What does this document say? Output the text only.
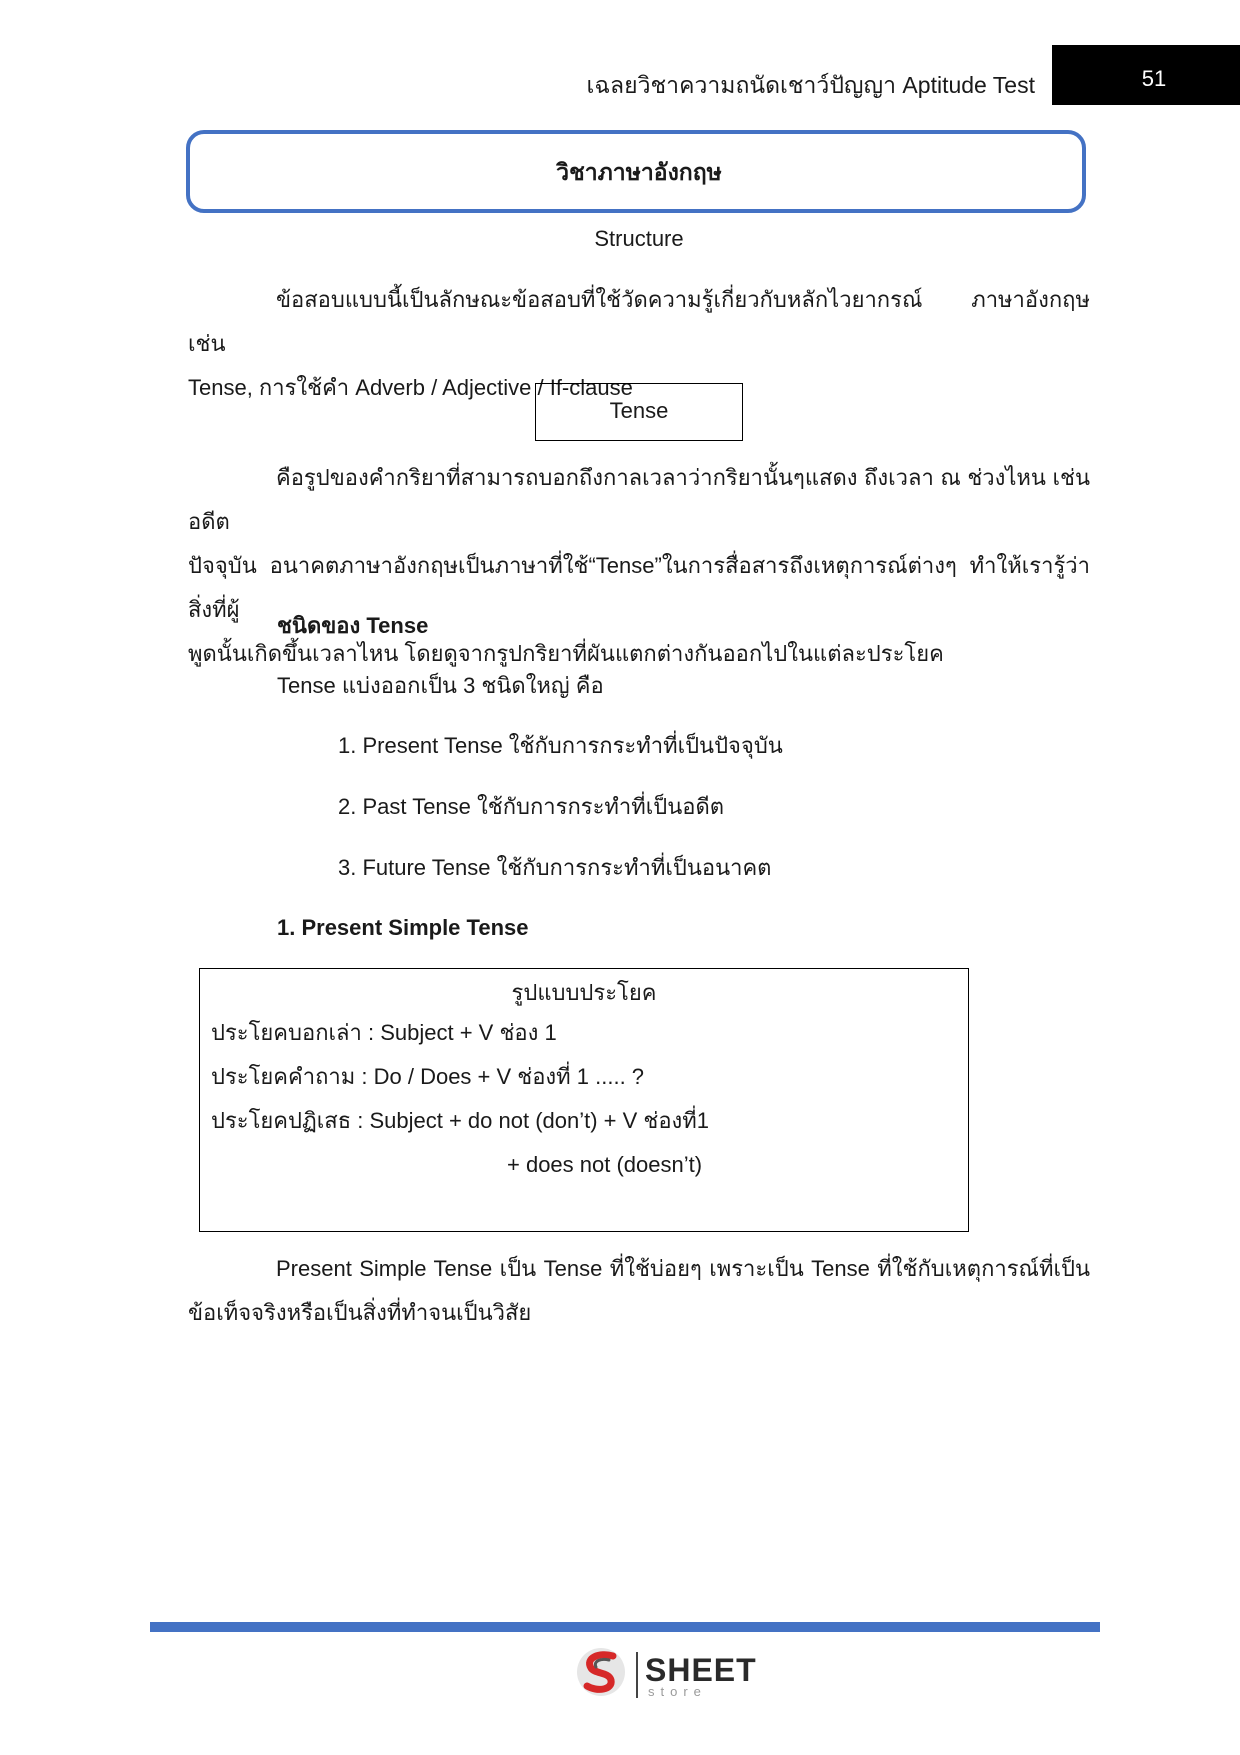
เฉลยวิชาความถนัดเชาว์ปัญญา Aptitude Test	51
วิชาภาษาอังกฤษ
Structure
ข้อสอบแบบนี้เป็นลักษณะข้อสอบที่ใช้วัดความรู้เกี่ยวกับหลักไวยากรณ์ ภาษาอังกฤษ เช่น
Tense, การใช้คำ Adverb / Adjective / If-clause
Tense
คือรูปของคำกริยาที่สามารถบอกถึงกาลเวลาว่ากริยานั้นๆแสดง ถึงเวลา ณ ช่วงไหน เช่น อดีต
ปัจจุบัน อนาคตภาษาอังกฤษเป็นภาษาที่ใช้“Tense”ในการสื่อสารถึงเหตุการณ์ต่างๆ ทำให้เรารู้ว่าสิ่งที่ผู้
พูดนั้นเกิดขึ้นเวลาไหน โดยดูจากรูปกริยาที่ผันแตกต่างกันออกไปในแต่ละประโยค
ชนิดของ Tense
Tense แบ่งออกเป็น 3 ชนิดใหญ่ คือ
1. Present Tense ใช้กับการกระทำที่เป็นปัจจุบัน
2. Past Tense ใช้กับการกระทำที่เป็นอดีต
3. Future Tense ใช้กับการกระทำที่เป็นอนาคต
1. Present Simple Tense
รูปแบบประโยค
ประโยคบอกเล่า : Subject + V ช่อง 1
ประโยคคำถาม : Do / Does + V ช่องที่ 1 ..... ?
ประโยคปฏิเสธ : Subject + do not (don’t) + V ช่องที่1
+ does not (doesn’t)
Present Simple Tense เป็น Tense ที่ใช้บ่อยๆ เพราะเป็น Tense ที่ใช้กับเหตุการณ์ที่เป็น
ข้อเท็จจริงหรือเป็นสิ่งที่ทำจนเป็นวิสัย
SHEET
store
